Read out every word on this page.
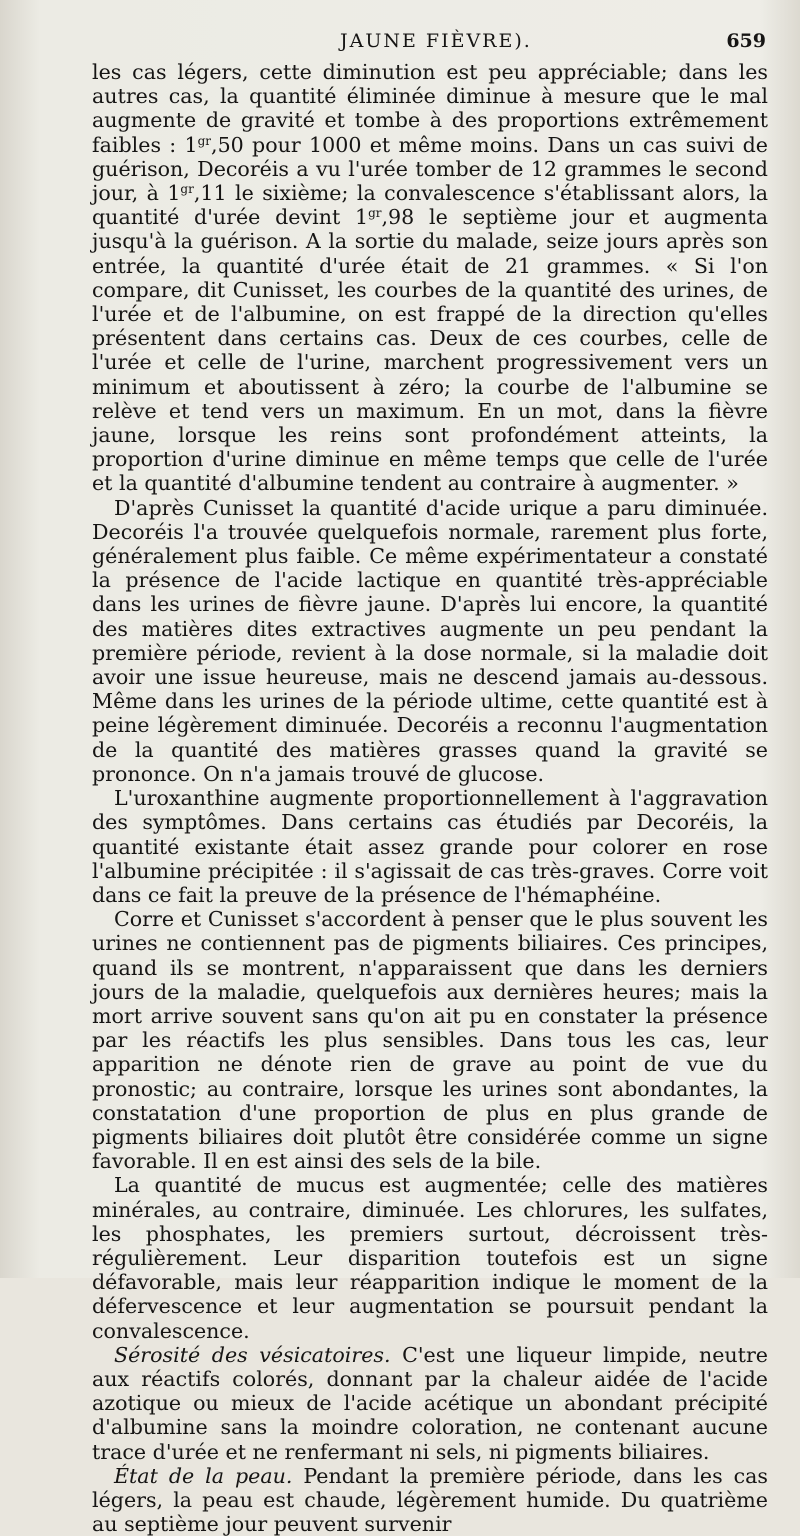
JAUNE FIÈVRE).	659

les cas légers, cette diminution est peu appréciable; dans les autres cas, la quantité éliminée diminue à mesure que le mal augmente de gravité et tombe à des proportions extrêmement faibles : $1^{gr},50$ pour 1000 et même moins. Dans un cas suivi de guérison, Decoréis a vu l'urée tomber de 12 grammes le second jour, à $1^{gr},11$ le sixième; la convalescence s'établissant alors, la quantité d'urée devint $1^{gr},98$ le septième jour et augmenta jusqu'à la guérison. A la sortie du malade, seize jours après son entrée, la quantité d'urée était de 21 grammes. « Si l'on compare, dit Cunisset, les courbes de la quantité des urines, de l'urée et de l'albumine, on est frappé de la direction qu'elles présentent dans certains cas. Deux de ces courbes, celle de l'urée et celle de l'urine, marchent progressivement vers un minimum et aboutissent à zéro; la courbe de l'albumine se relève et tend vers un maximum. En un mot, dans la fièvre jaune, lorsque les reins sont profondément atteints, la proportion d'urine diminue en même temps que celle de l'urée et la quantité d'albumine tendent au contraire à augmenter. »

D'après Cunisset la quantité d'acide urique a paru diminuée. Decoréis l'a trouvée quelquefois normale, rarement plus forte, généralement plus faible. Ce même expérimentateur a constaté la présence de l'acide lactique en quantité très-appréciable dans les urines de fièvre jaune. D'après lui encore, la quantité des matières dites extractives augmente un peu pendant la première période, revient à la dose normale, si la maladie doit avoir une issue heureuse, mais ne descend jamais au-dessous. Même dans les urines de la période ultime, cette quantité est à peine légèrement diminuée. Decoréis a reconnu l'augmentation de la quantité des matières grasses quand la gravité se prononce. On n'a jamais trouvé de glucose.

L'uroxanthine augmente proportionnellement à l'aggravation des symptômes. Dans certains cas étudiés par Decoréis, la quantité existante était assez grande pour colorer en rose l'albumine précipitée : il s'agissait de cas très-graves. Corre voit dans ce fait la preuve de la présence de l'hémaphéine.

Corre et Cunisset s'accordent à penser que le plus souvent les urines ne contiennent pas de pigments biliaires. Ces principes, quand ils se montrent, n'apparaissent que dans les derniers jours de la maladie, quelquefois aux dernières heures; mais la mort arrive souvent sans qu'on ait pu en constater la présence par les réactifs les plus sensibles. Dans tous les cas, leur apparition ne dénote rien de grave au point de vue du pronostic; au contraire, lorsque les urines sont abondantes, la constatation d'une proportion de plus en plus grande de pigments biliaires doit plutôt être considérée comme un signe favorable. Il en est ainsi des sels de la bile.

La quantité de mucus est augmentée; celle des matières minérales, au contraire, diminuée. Les chlorures, les sulfates, les phosphates, les premiers surtout, décroissent très-régulièrement. Leur disparition toutefois est un signe défavorable, mais leur réapparition indique le moment de la défervescence et leur augmentation se poursuit pendant la convalescence.

Sérosité des vésicatoires. C'est une liqueur limpide, neutre aux réactifs colorés, donnant par la chaleur aidée de l'acide azotique ou mieux de l'acide acétique un abondant précipité d'albumine sans la moindre coloration, ne contenant aucune trace d'urée et ne renfermant ni sels, ni pigments biliaires.

État de la peau. Pendant la première période, dans les cas légers, la peau est chaude, légèrement humide. Du quatrième au septième jour peuvent survenir
